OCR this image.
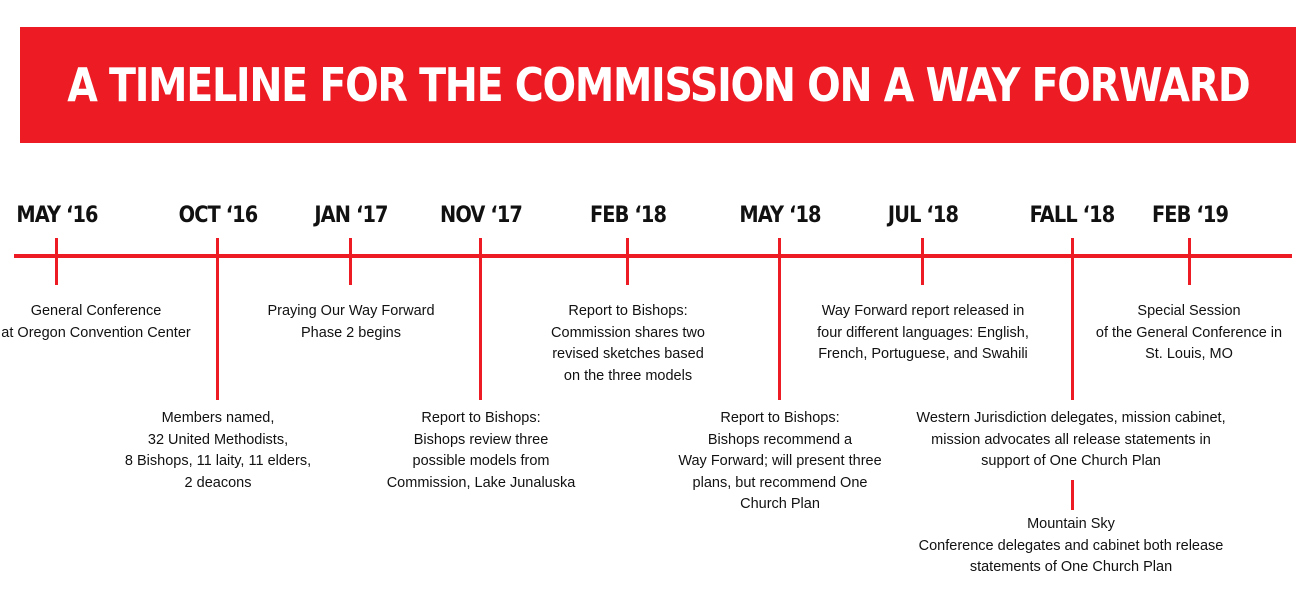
A TIMELINE FOR THE COMMISSION ON A WAY FORWARD
MAY ‘16	OCT ‘16	JAN ‘17 NOV ‘17	FEB ‘18	MAY ‘18	JUL ‘18	FALL ‘18 FEB ‘19
General Conference
at Oregon Convention Center
Members named,
32 United Methodists,
8 Bishops, 11 laity, 11 elders,
2 deacons
Praying Our Way Forward
Phase 2 begins
Report to Bishops:
Bishops review three
possible models from
Commission, Lake Junaluska
Report to Bishops:
Commission shares two
revised sketches based
on the three models
Report to Bishops:
Bishops recommend a
Way Forward; will present three
plans, but recommend One
Church Plan
Way Forward report released in
four different languages: English,
French, Portuguese, and Swahili
Western Jurisdiction delegates, mission cabinet,
mission advocates all release statements in
support of One Church Plan
Mountain Sky
Conference delegates and cabinet both release
statements of One Church Plan
Special Session
of the General Conference in
St. Louis, MO
